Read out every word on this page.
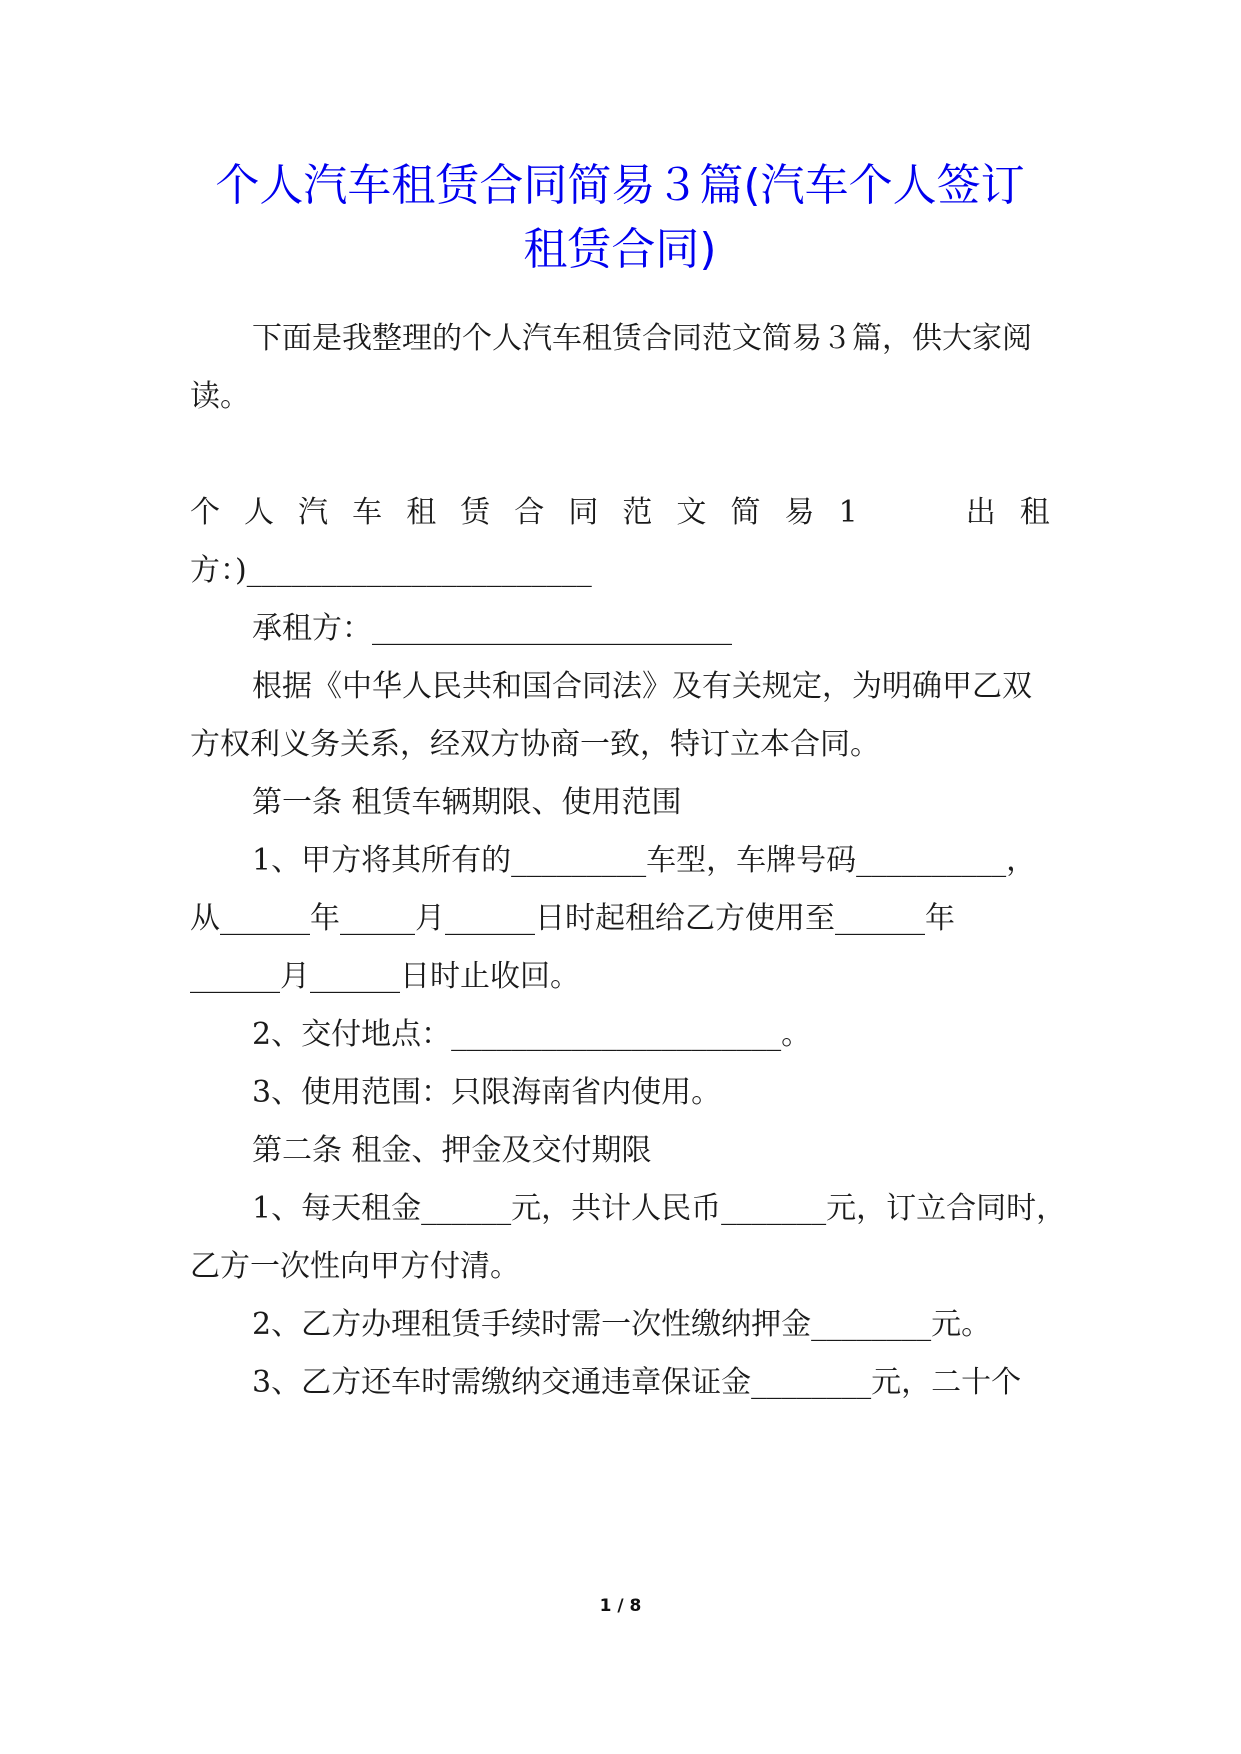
个人汽车租赁合同简易３篇(汽车个人签订
租赁合同)

下面是我整理的个人汽车租赁合同范文简易３篇，供大家阅

读。

个 人 汽 车 租 赁 合 同 范 文 简 易 1	出 租

方：)_______________________

承租方：________________________

根据《中华人民共和国合同法》及有关规定，为明确甲乙双

方权利义务关系，经双方协商一致，特订立本合同。

第一条 租赁车辆期限、使用范围

1、甲方将其所有的_________车型，车牌号码__________，

从______年_____月______日时起租给乙方使用至______年

______月______日时止收回。

2、交付地点：______________________。

3、使用范围：只限海南省内使用。

第二条 租金、押金及交付期限

1、每天租金______元，共计人民币_______元，订立合同时，

乙方一次性向甲方付清。

2、乙方办理租赁手续时需一次性缴纳押金________元。

3、乙方还车时需缴纳交通违章保证金________元，二十个

1 / 8
